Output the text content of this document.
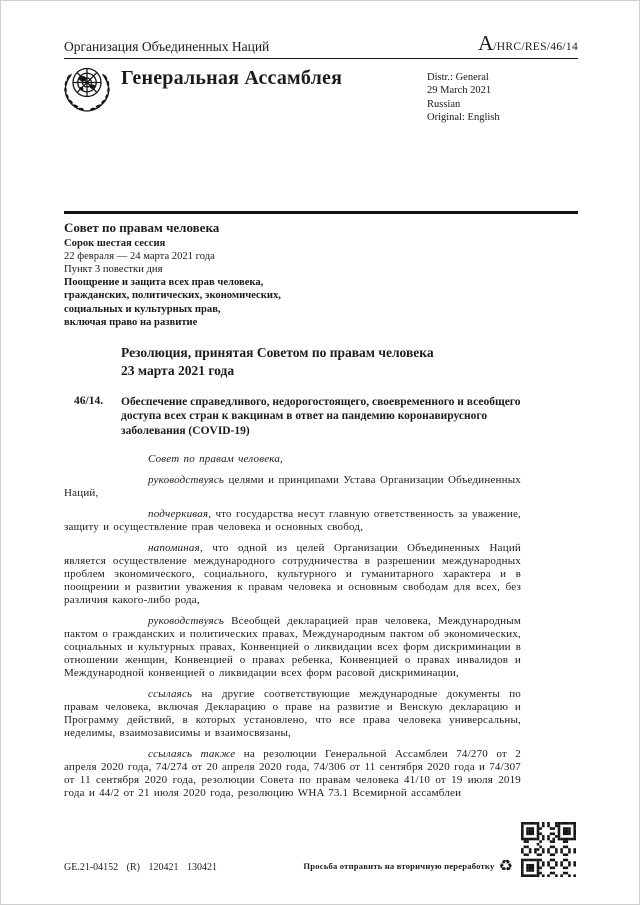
Организация Объединенных Наций	A/HRC/RES/46/14
Генеральная Ассамблея	Distr.: General
29 March 2021
Russian
Original: English
Совет по правам человека
Сорок шестая сессия
22 февраля — 24 марта 2021 года
Пункт 3 повестки дня
Поощрение и защита всех прав человека,
гражданских, политических, экономических,
социальных и культурных прав,
включая право на развитие
Резолюция, принятая Советом по правам человека
23 марта 2021 года
46/14. Обеспечение справедливого, недорогостоящего, своевременного и всеобщего доступа всех стран к вакцинам в ответ на пандемию коронавирусного заболевания (COVID-19)

Совет по правам человека,

руководствуясь целями и принципами Устава Организации Объединенных Наций,

подчеркивая, что государства несут главную ответственность за уважение, защиту и осуществление прав человека и основных свобод,

напоминая, что одной из целей Организации Объединенных Наций является осуществление международного сотрудничества в разрешении международных проблем экономического, социального, культурного и гуманитарного характера и в поощрении и развитии уважения к правам человека и основным свободам для всех, без различия какого-либо рода,

руководствуясь Всеобщей декларацией прав человека, Международным пактом о гражданских и политических правах, Международным пактом об экономических, социальных и культурных правах, Конвенцией о ликвидации всех форм дискриминации в отношении женщин, Конвенцией о правах ребенка, Конвенцией о правах инвалидов и Международной конвенцией о ликвидации всех форм расовой дискриминации,

ссылаясь на другие соответствующие международные документы по правам человека, включая Декларацию о праве на развитие и Венскую декларацию и Программу действий, в которых установлено, что все права человека универсальны, неделимы, взаимозависимы и взаимосвязаны,

ссылаясь также на резолюции Генеральной Ассамблеи 74/270 от 2 апреля 2020 года, 74/274 от 20 апреля 2020 года, 74/306 от 11 сентября 2020 года и 74/307 от 11 сентября 2020 года, резолюции Совета по правам человека 41/10 от 19 июля 2019 года и 44/2 от 21 июля 2020 года, резолюцию WHA 73.1 Всемирной ассамблеи

GE.21-04152 (R) 120421 130421	Просьба отправить на вторичную переработку ♻
